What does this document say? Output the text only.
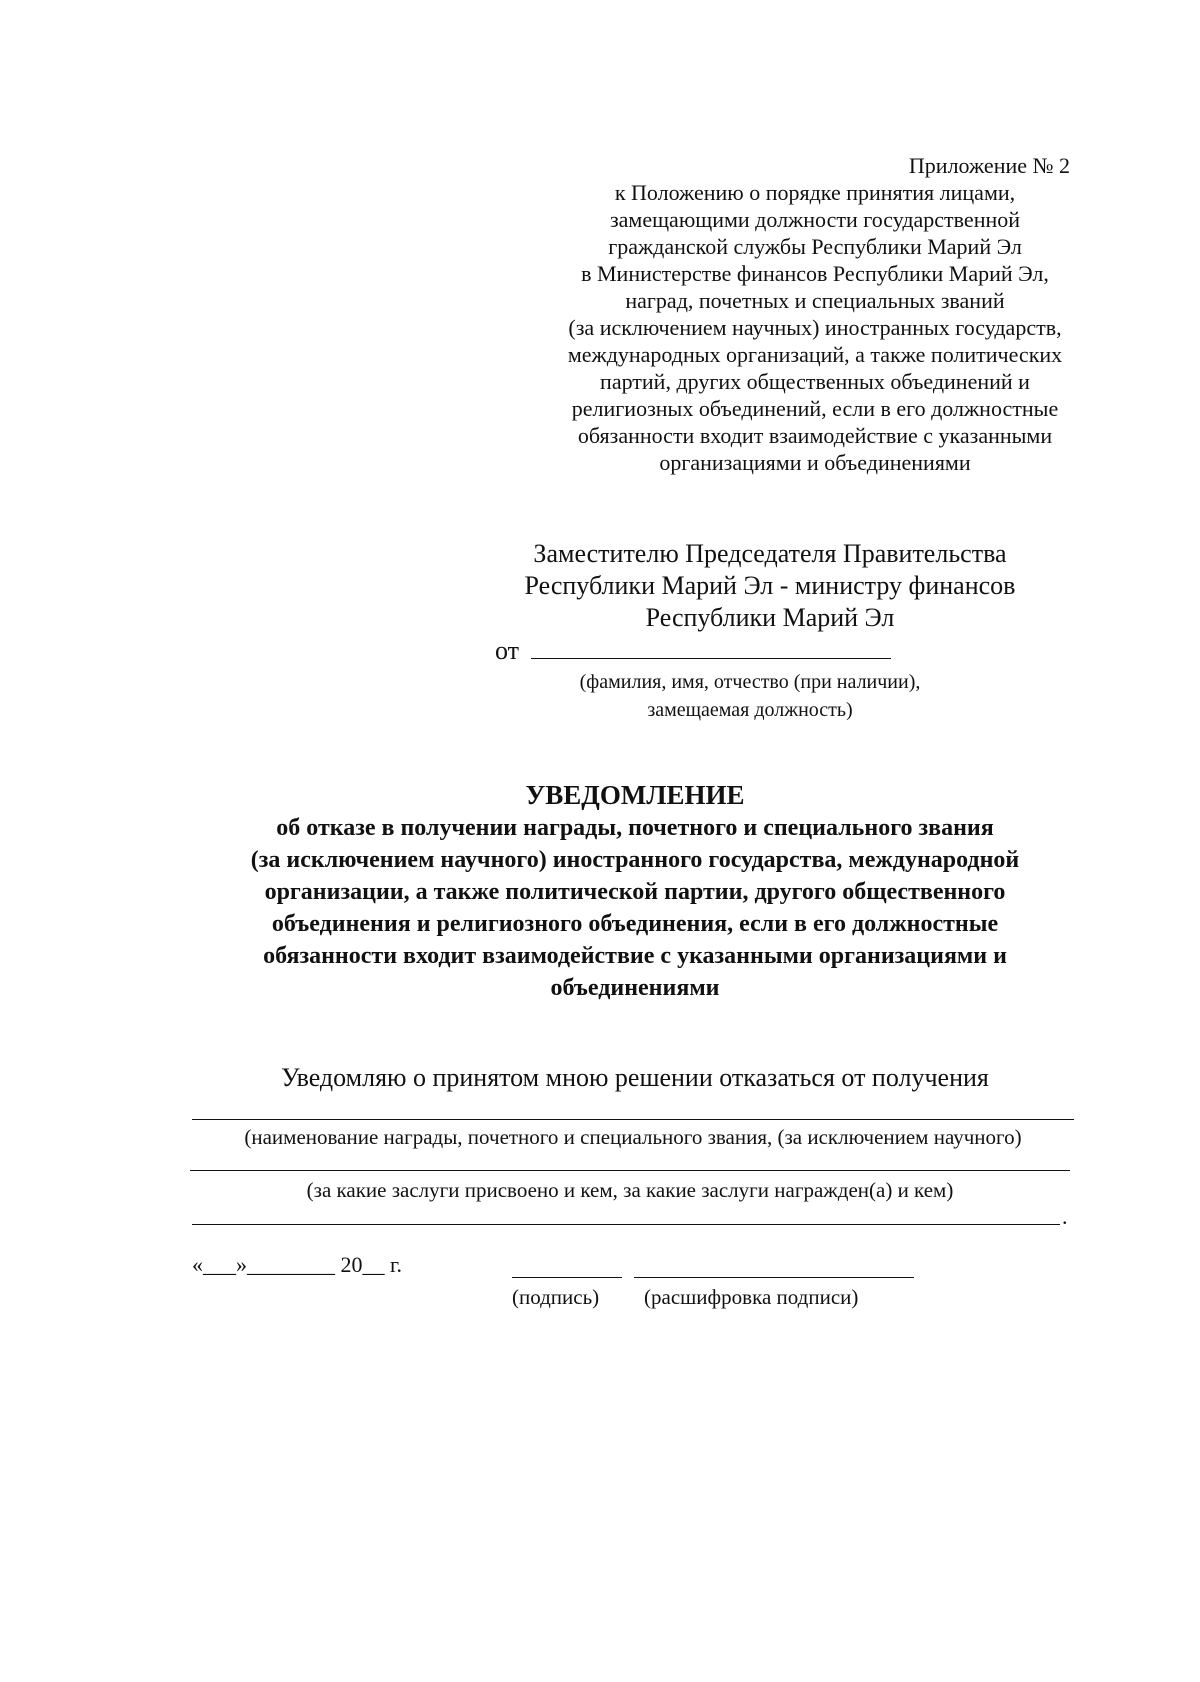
Приложение № 2
к Положению о порядке принятия лицами,
замещающими должности государственной
гражданской службы Республики Марий Эл
в Министерстве финансов Республики Марий Эл,
наград, почетных и специальных званий
(за исключением научных) иностранных государств,
международных организаций, а также политических
партий, других общественных объединений и
религиозных объединений, если в его должностные
обязанности входит взаимодействие с указанными
организациями и объединениями
Заместителю Председателя Правительства
Республики Марий Эл - министру финансов
Республики Марий Эл
от
(фамилия, имя, отчество (при наличии),
замещаемая должность)
УВЕДОМЛЕНИЕ
об отказе в получении награды, почетного и специального звания
(за исключением научного) иностранного государства, международной
организации, а также политической партии, другого общественного
объединения и религиозного объединения, если в его должностные
обязанности входит взаимодействие с указанными организациями и
объединениями
Уведомляю о принятом мною решении отказаться от получения
(наименование награды, почетного и специального звания, (за исключением научного)
(за какие заслуги присвоено и кем, за какие заслуги награжден(а) и кем)
.
«___»________ 20__ г.
(подпись) (расшифровка подписи)
